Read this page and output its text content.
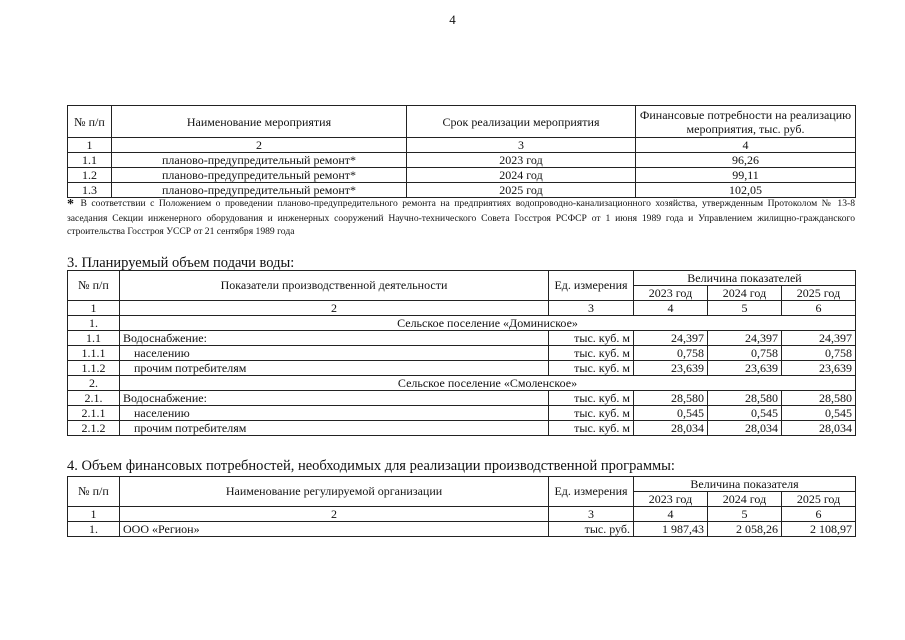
4
№ п/п	Наименование мероприятия	Срок реализации мероприятия	Финансовые потребности на реализацию мероприятия, тыс. руб.
1	2	3	4
1.1	планово-предупредительный ремонт*	2023 год	96,26
1.2	планово-предупредительный ремонт*	2024 год	99,11
1.3	планово-предупредительный ремонт*	2025 год	102,05
* В соответствии с Положением о проведении планово-предупредительного ремонта на предприятиях водопроводно-канализационного хозяйства, утвержденным Протоколом № 13-8 заседания Секции инженерного оборудования и инженерных сооружений Научно-технического Совета Госстроя РСФСР от 1 июня 1989 года и Управлением жилищно-гражданского строительства Госстроя УССР от 21 сентября 1989 года
3. Планируемый объем подачи воды:
№ п/п	Показатели производственной деятельности	Ед. измерения	Величина показателей		
			2023 год	2024 год	2025 год
1	2	3	4	5	6
1.	Сельское поселение «Доминиское»				
1.1	Водоснабжение:	тыс. куб. м	24,397	24,397	24,397
1.1.1	населению	тыс. куб. м	0,758	0,758	0,758
1.1.2	прочим потребителям	тыс. куб. м	23,639	23,639	23,639
2.	Сельское поселение «Смоленское»				
2.1.	Водоснабжение:	тыс. куб. м	28,580	28,580	28,580
2.1.1	населению	тыс. куб. м	0,545	0,545	0,545
2.1.2	прочим потребителям	тыс. куб. м	28,034	28,034	28,034
4. Объем финансовых потребностей, необходимых для реализации производственной программы:
№ п/п	Наименование регулируемой организации	Ед. измерения	Величина показателя		
			2023 год	2024 год	2025 год
1	2	3	4	5	6
1.	ООО «Регион»	тыс. руб.	1 987,43	2 058,26	2 108,97
